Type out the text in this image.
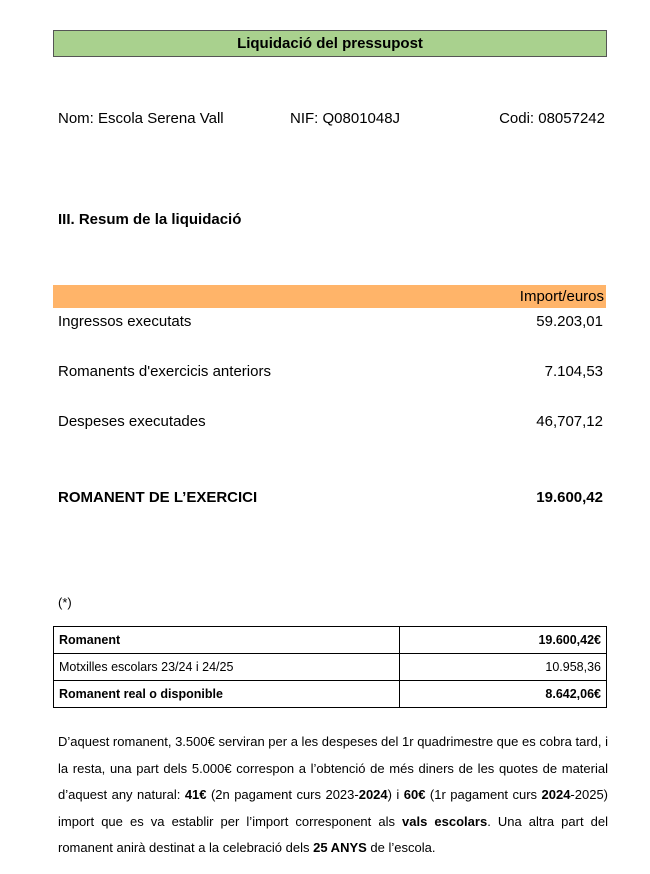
Liquidació del pressupost
Nom: Escola Serena Vall	NIF: Q0801048J	Codi: 08057242
III. Resum de la liquidació
Import/euros
Ingressos executats	59.203,01
Romanents d'exercicis anteriors	7.104,53
Despeses executades	46,707,12
ROMANENT DE L’EXERCICI	19.600,42
(*)
Romanent	19.600,42€
Motxilles escolars 23/24 i 24/25	10.958,36
Romanent real o disponible	8.642,06€
D’aquest romanent, 3.500€ serviran per a les despeses del 1r quadrimestre que es cobra tard, i la resta, una part dels 5.000€ correspon a l’obtenció de més diners de les quotes de material d’aquest any natural: 41€ (2n pagament curs 2023-2024) i 60€ (1r pagament curs 2024-2025) import que es va establir per l’import corresponent als vals escolars. Una altra part del romanent anirà destinat a la celebració dels 25 ANYS de l’escola.
